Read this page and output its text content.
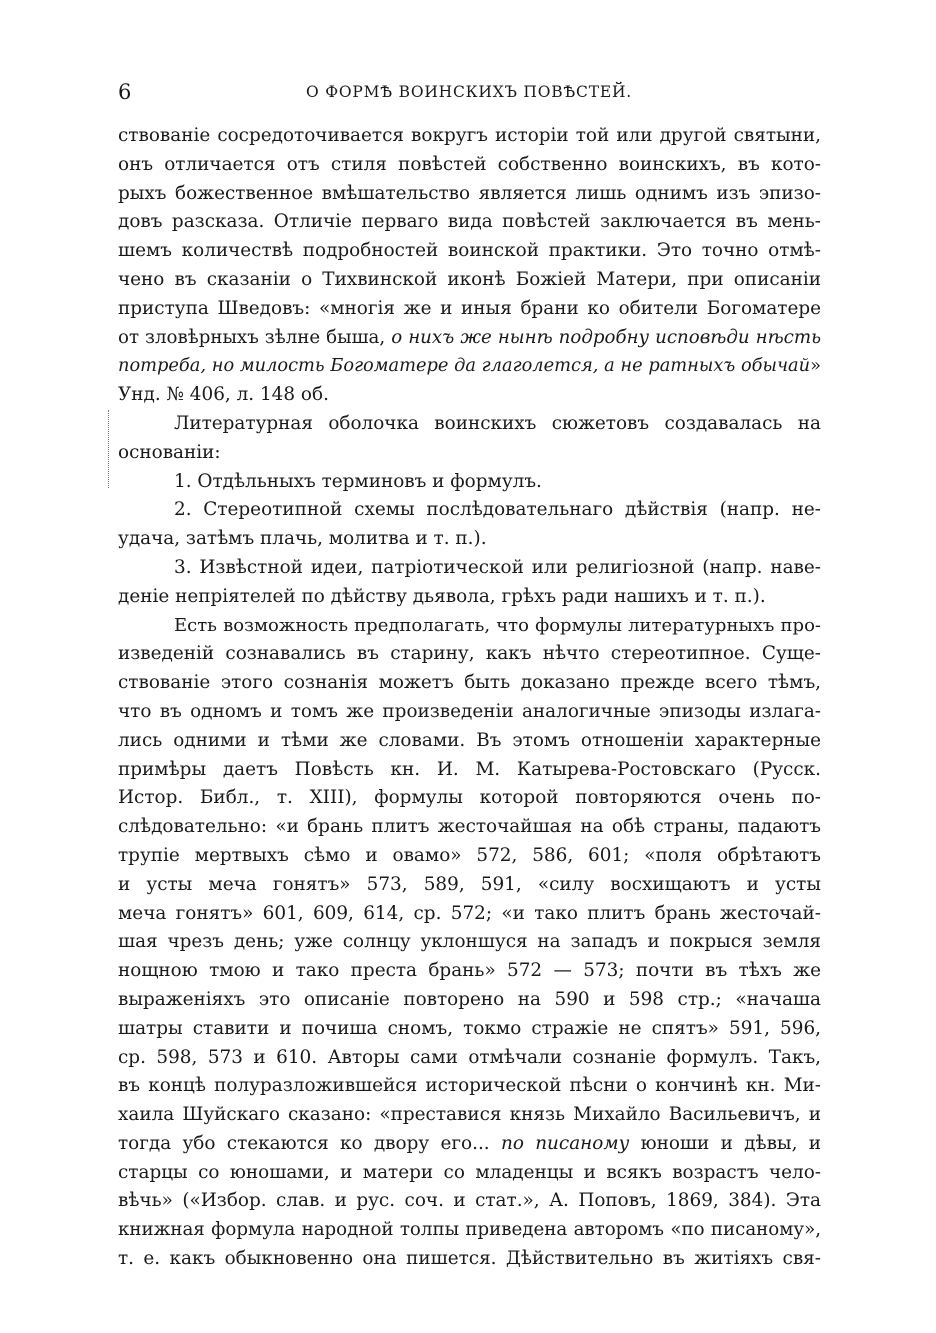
6	О ФОРМѢ ВОИНСКИХЪ ПОВѢСТЕЙ.
ствованіе сосредоточивается вокругъ исторіи той или другой святыни,
онъ отличается отъ стиля повѣстей собственно воинскихъ, въ кото-
рыхъ божественное вмѣшательство является лишь однимъ изъ эпизо-
довъ разсказа. Отличіе перваго вида повѣстей заключается въ мень-
шемъ количествѣ подробностей воинской практики. Это точно отмѣ-
чено въ сказаніи о Тихвинской иконѣ Божіей Матери, при описаніи
приступа Шведовъ: «многія же и иныя брани ко обители Богоматере
от зловѣрныхъ зѣлне быша, о нихъ же нынѣ подробну исповѣди нѣсть
потреба, но милость Богоматере да глаголется, а не ратныхъ обычай»
Унд. № 406, л. 148 об.
Литературная оболочка воинскихъ сюжетовъ создавалась на
основаніи:
1. Отдѣльныхъ терминовъ и формулъ.
2. Стереотипной схемы послѣдовательнаго дѣйствія (напр. не-
удача, затѣмъ плачь, молитва и т. п.).
3. Извѣстной идеи, патріотической или религіозной (напр. наве-
деніе непріятелей по дѣйству дьявола, грѣхъ ради нашихъ и т. п.).
Есть возможность предполагать, что формулы литературныхъ про-
изведеній сознавались въ старину, какъ нѣчто стереотипное. Суще-
ствованіе этого сознанія можетъ быть доказано прежде всего тѣмъ,
что въ одномъ и томъ же произведеніи аналогичные эпизоды излага-
лись одними и тѣми же словами. Въ этомъ отношеніи характерные
примѣры даетъ Повѣсть кн. И. М. Катырева-Ростовскаго (Русск.
Истор. Библ., т. XIII), формулы которой повторяются очень по-
слѣдовательно: «и брань плитъ жесточайшая на обѣ страны, падаютъ
трупіе мертвыхъ сѣмо и овамо» 572, 586, 601; «поля обрѣтаютъ
и усты меча гонятъ» 573, 589, 591, «силу восхищаютъ и усты
меча гонятъ» 601, 609, 614, ср. 572; «и тако плитъ брань жесточай-
шая чрезъ день; уже солнцу уклоншуся на западъ и покрыся земля
нощною тмою и тако преста брань» 572 — 573; почти въ тѣхъ же
выраженіяхъ это описаніе повторено на 590 и 598 стр.; «начаша
шатры ставити и почиша сномъ, токмо стражіе не спятъ» 591, 596,
ср. 598, 573 и 610. Авторы сами отмѣчали сознаніе формулъ. Такъ,
въ концѣ полуразложившейся исторической пѣсни о кончинѣ кн. Ми-
хаила Шуйскаго сказано: «преставися князь Михайло Васильевичъ, и
тогда убо стекаются ко двору его... по писаному юноши и дѣвы, и
старцы со юношами, и матери со младенцы и всякъ возрастъ чело-
вѣчь» («Избор. слав. и рус. соч. и стат.», А. Поповъ, 1869, 384). Эта
книжная формула народной толпы приведена авторомъ «по писаному»,
т. е. какъ обыкновенно она пишется. Дѣйствительно въ житіяхъ свя-
